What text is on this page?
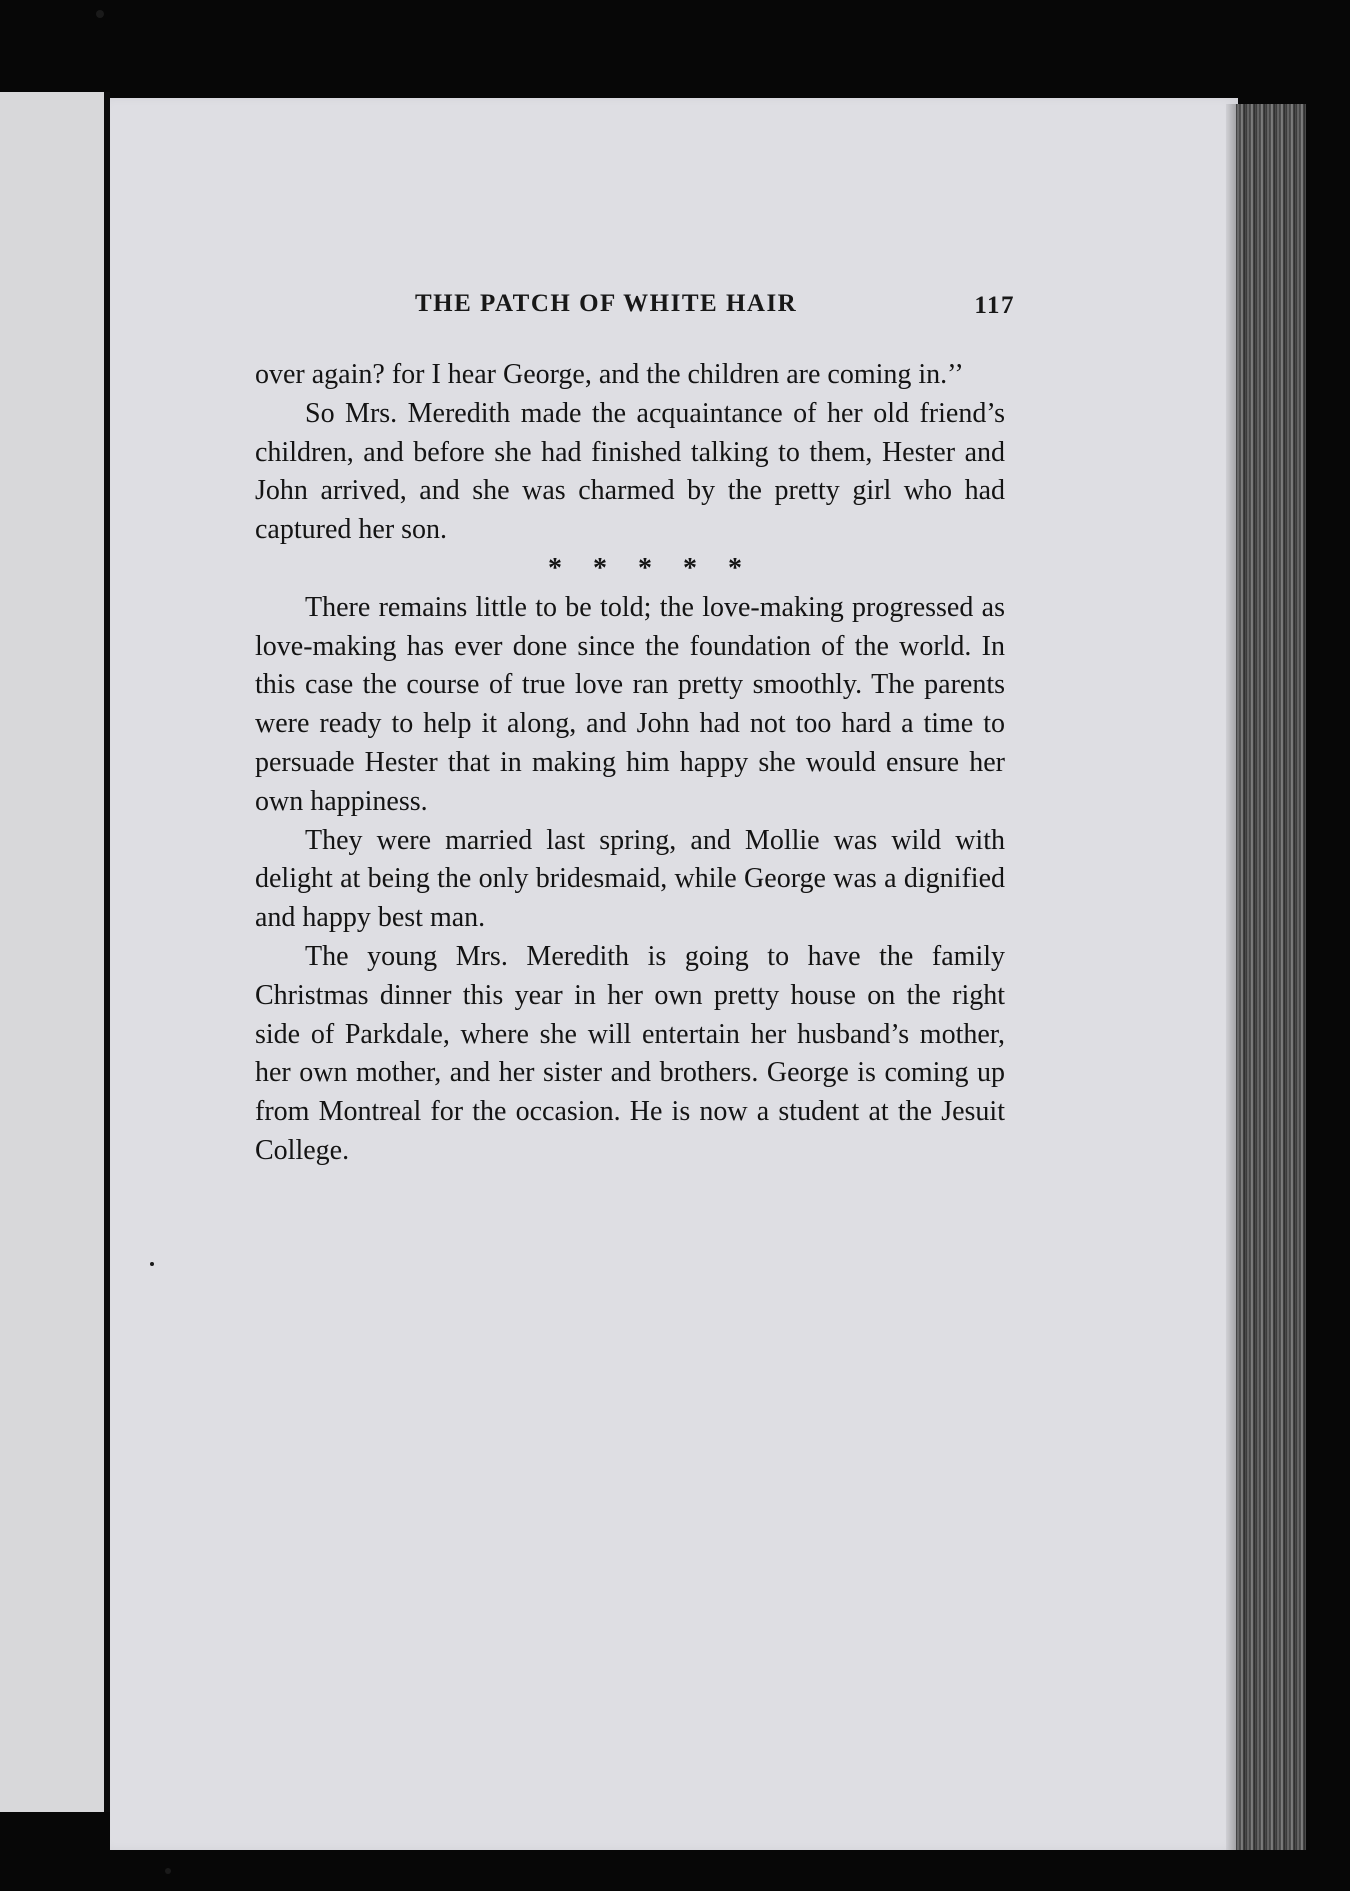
THE PATCH OF WHITE HAIR	117

over again? for I hear George, and the children are coming in.’’

So Mrs. Meredith made the acquaintance of her old friend’s children, and before she had finished talking to them, Hester and John arrived, and she was charmed by the pretty girl who had captured her son.

* * * * *

There remains little to be told; the love-making progressed as love-making has ever done since the foundation of the world. In this case the course of true love ran pretty smoothly. The parents were ready to help it along, and John had not too hard a time to persuade Hester that in making him happy she would ensure her own happiness.

They were married last spring, and Mollie was wild with delight at being the only bridesmaid, while George was a dignified and happy best man.

The young Mrs. Meredith is going to have the family Christmas dinner this year in her own pretty house on the right side of Parkdale, where she will entertain her husband’s mother, her own mother, and her sister and brothers. George is coming up from Montreal for the occasion. He is now a student at the Jesuit College.
